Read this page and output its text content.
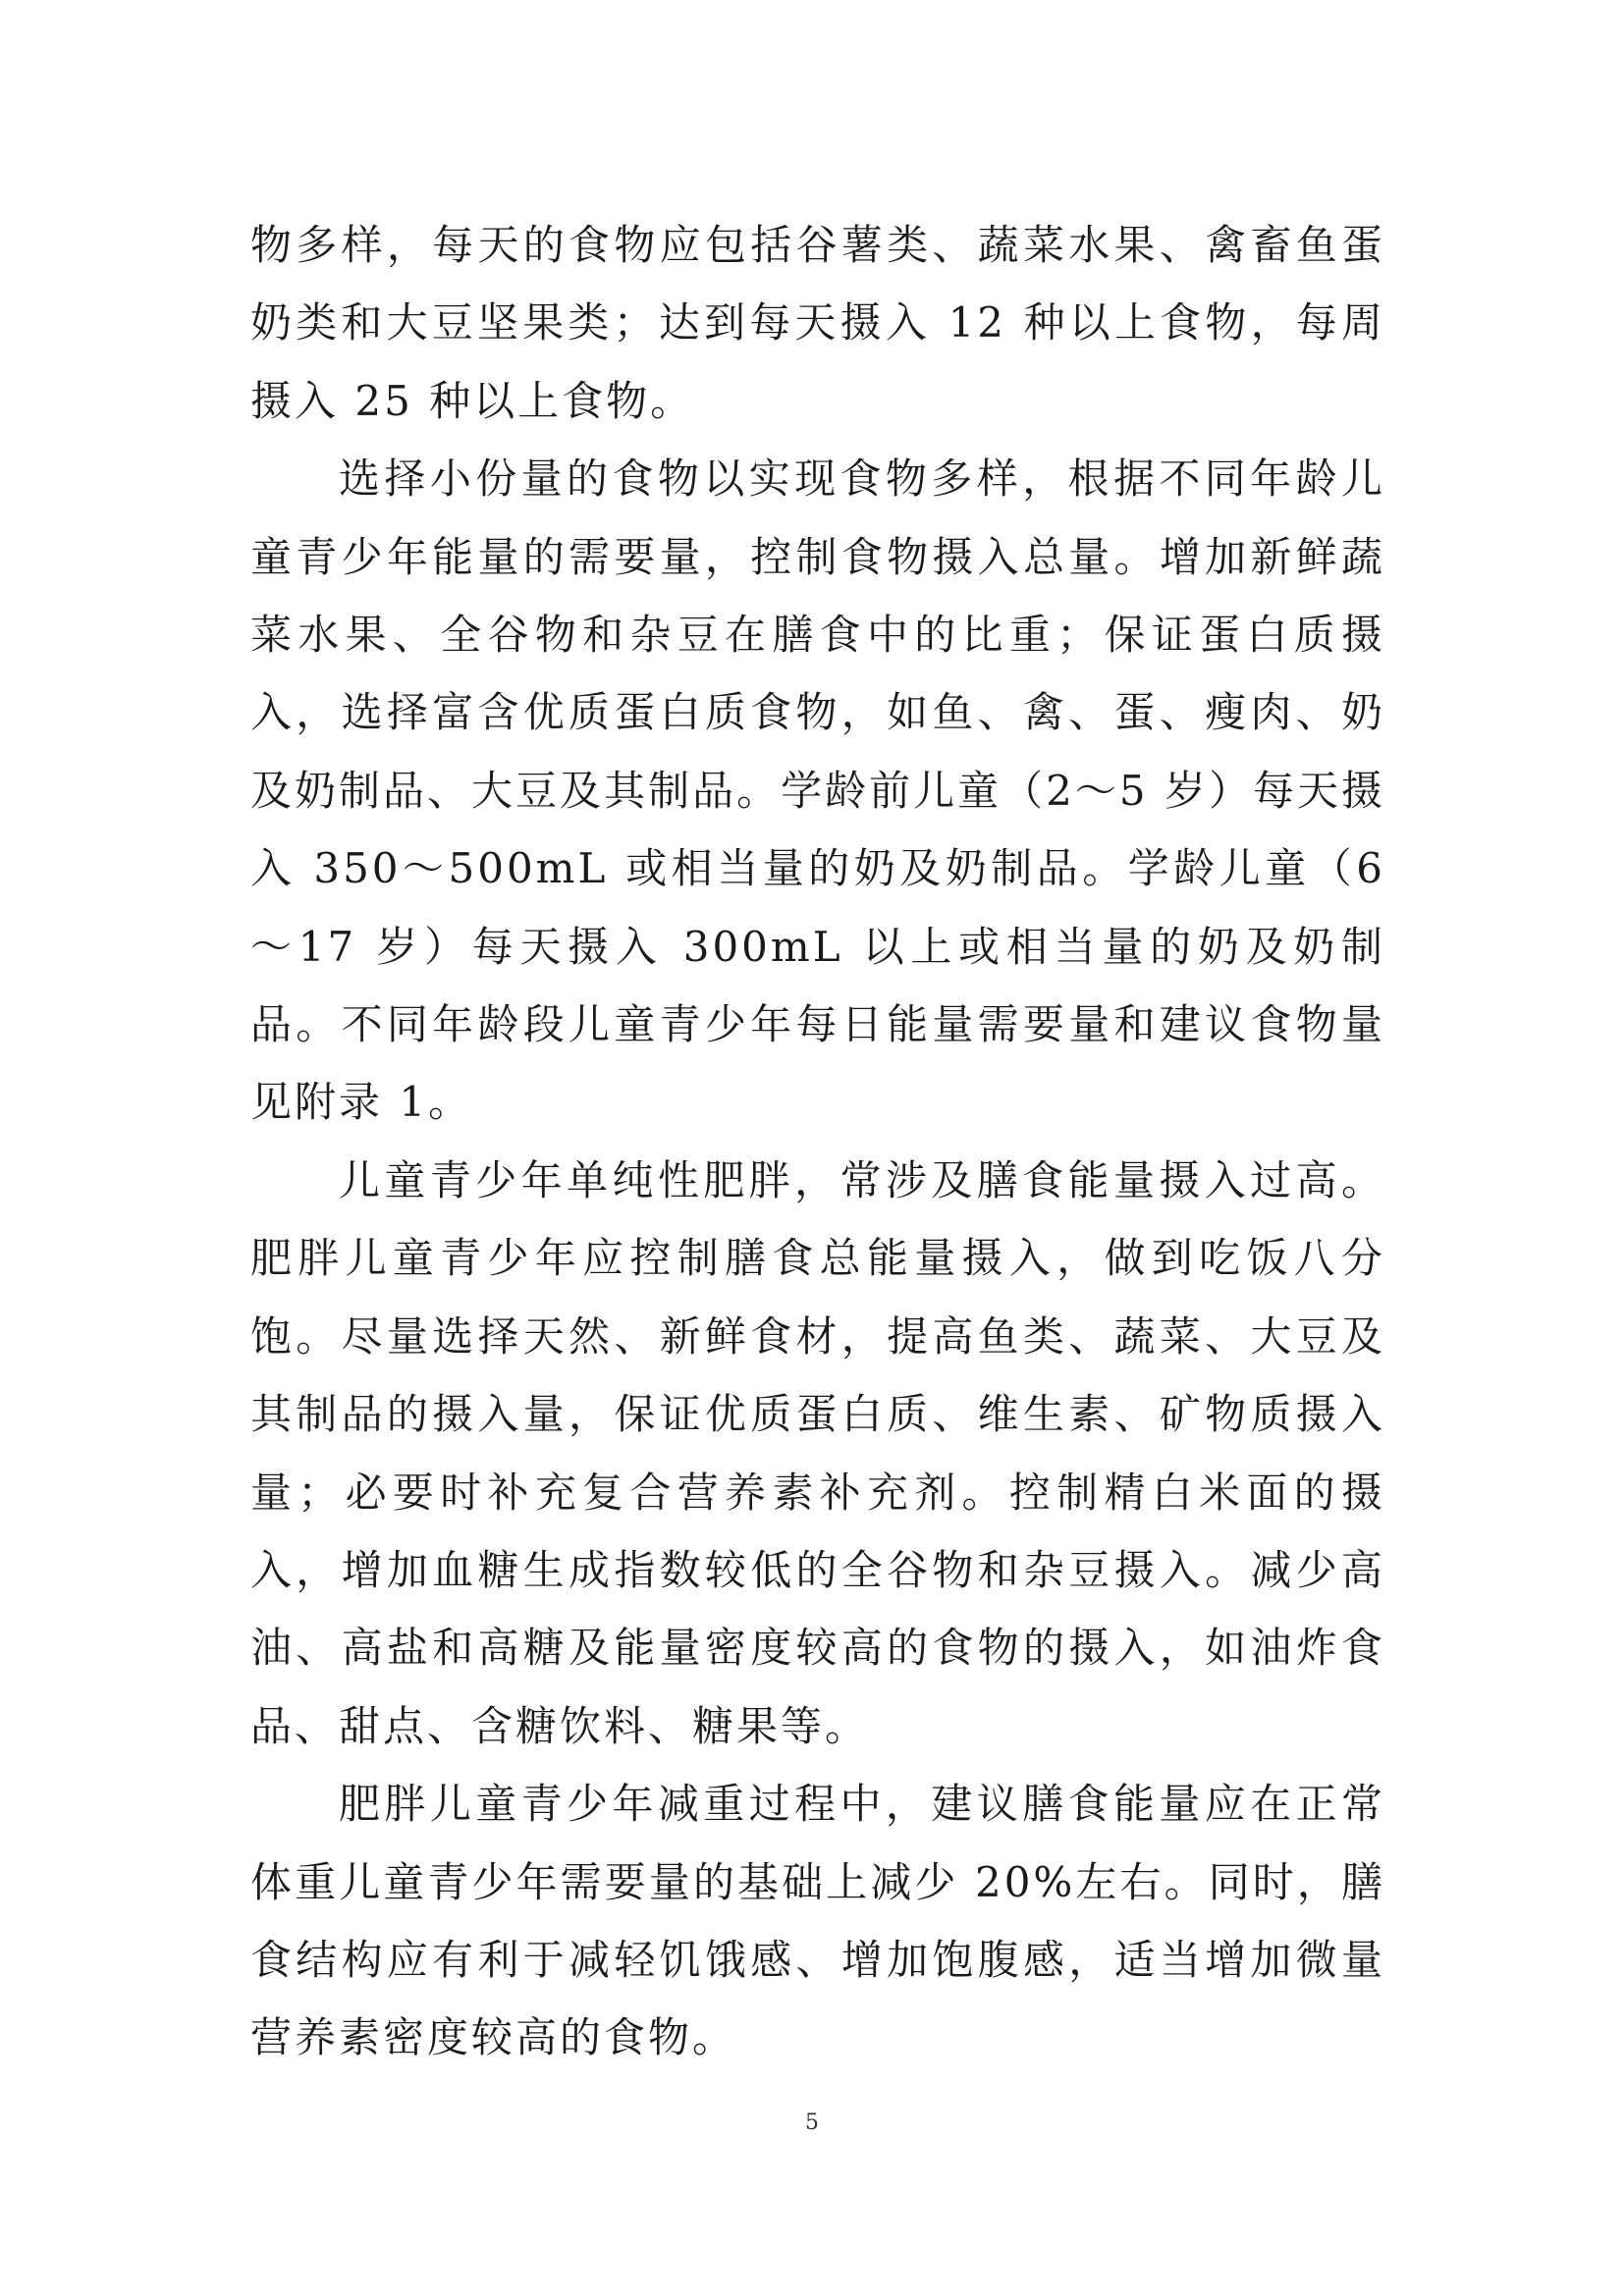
物多样，每天的食物应包括谷薯类、蔬菜水果、禽畜鱼蛋奶类和大豆坚果类；达到每天摄入 12 种以上食物，每周摄入 25 种以上食物。

选择小份量的食物以实现食物多样，根据不同年龄儿童青少年能量的需要量，控制食物摄入总量。增加新鲜蔬菜水果、全谷物和杂豆在膳食中的比重；保证蛋白质摄入，选择富含优质蛋白质食物，如鱼、禽、蛋、瘦肉、奶及奶制品、大豆及其制品。学龄前儿童（2～5 岁）每天摄入 350～500mL 或相当量的奶及奶制品。学龄儿童（6～17 岁）每天摄入 300mL 以上或相当量的奶及奶制品。不同年龄段儿童青少年每日能量需要量和建议食物量见附录 1。

儿童青少年单纯性肥胖，常涉及膳食能量摄入过高。肥胖儿童青少年应控制膳食总能量摄入，做到吃饭八分饱。尽量选择天然、新鲜食材，提高鱼类、蔬菜、大豆及其制品的摄入量，保证优质蛋白质、维生素、矿物质摄入量；必要时补充复合营养素补充剂。控制精白米面的摄入，增加血糖生成指数较低的全谷物和杂豆摄入。减少高油、高盐和高糖及能量密度较高的食物的摄入，如油炸食品、甜点、含糖饮料、糖果等。

肥胖儿童青少年减重过程中，建议膳食能量应在正常体重儿童青少年需要量的基础上减少 20%左右。同时，膳食结构应有利于减轻饥饿感、增加饱腹感，适当增加微量营养素密度较高的食物。

5
